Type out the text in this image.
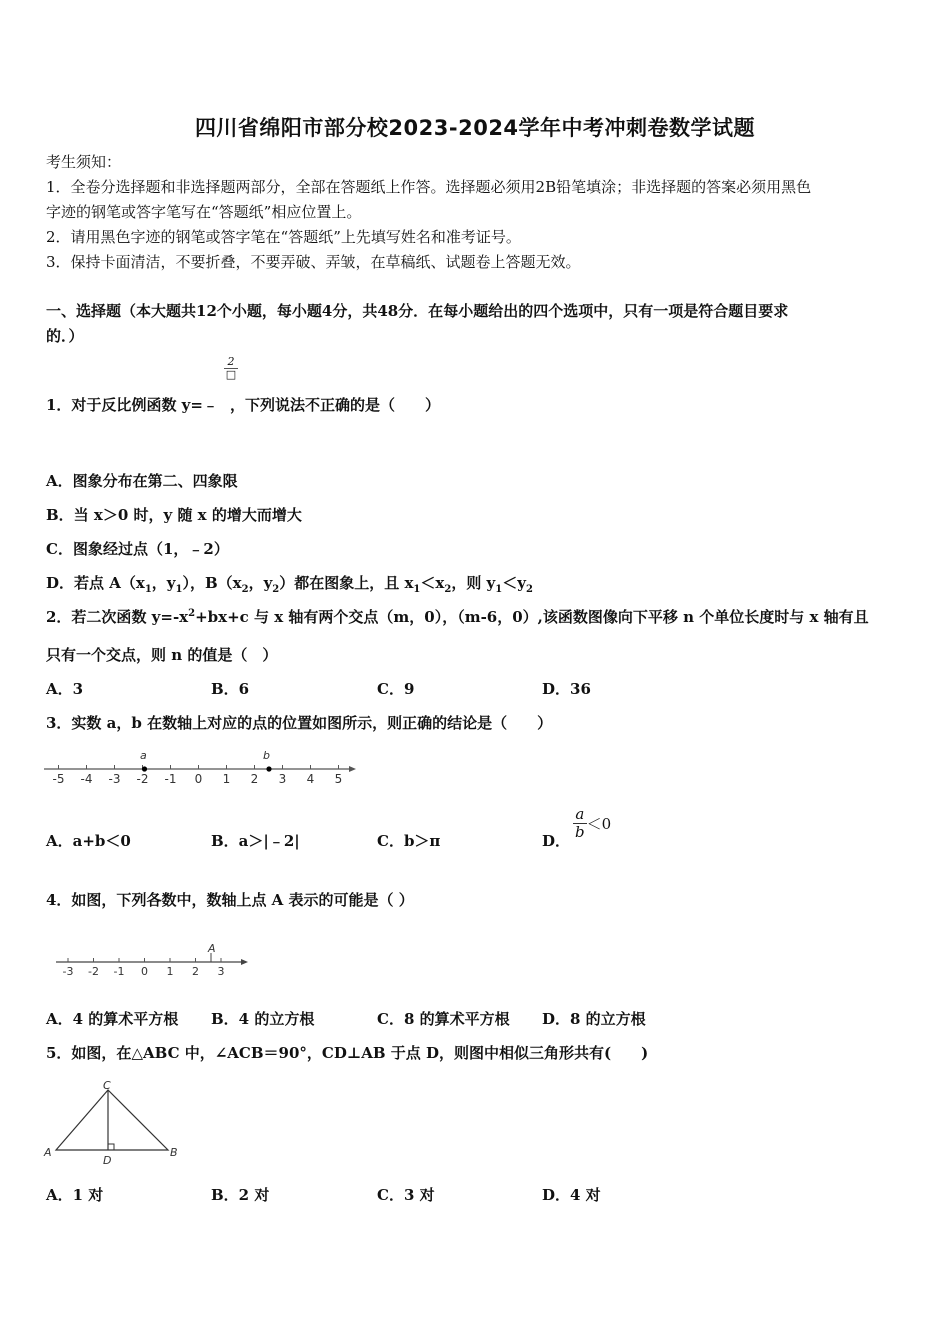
四川省绵阳市部分校2023-2024学年中考冲刺卷数学试题
考生须知：
1．全卷分选择题和非选择题两部分，全部在答题纸上作答。选择题必须用2B铅笔填涂；非选择题的答案必须用黑色
字迹的钢笔或答字笔写在“答题纸”相应位置上。
2．请用黑色字迹的钢笔或答字笔在“答题纸”上先填写姓名和准考证号。
3．保持卡面清洁，不要折叠，不要弄破、弄皱，在草稿纸、试题卷上答题无效。
一、选择题（本大题共12个小题，每小题4分，共48分．在每小题给出的四个选项中，只有一项是符合题目要求
的．）
2
□
1．对于反比例函数 y=﹣ ，下列说法不正确的是（　　）
A．图象分布在第二、四象限
B．当 x＞0 时，y 随 x 的增大而增大
C．图象经过点（1，﹣2）
D．若点 $A(x_1$，$y_1$），$B(x_2$，$y_2$）都在图象上，且 $x_1<x_2$，则 $y_1<y_2$
2．若二次函数 $y=-x^2+bx+c$ 与 x 轴有两个交点（m，0），（m-6，0）,该函数图像向下平移 n 个单位长度时与 x 轴有且
只有一个交点，则 n 的值是（　）
A．3	B．6	C．9	D．36
3．实数 a，b 在数轴上对应的点的位置如图所示，则正确的结论是（　　）
-5 -4 -3 -2 -1 0 1 2 3 4 5
a	b
A．a+b＜0	B．a＞|﹣2|	C．b＞π	D． $\frac{a}{b} <0$
4．如图，下列各数中，数轴上点 A 表示的可能是（ ）
-3 -2 -1 0 1 2 3
A
A．4 的算术平方根 B．4 的立方根	C．8 的算术平方根 D．8 的立方根
5．如图，在△ABC 中，∠ACB＝90°，CD⊥AB 于点 D，则图中相似三角形共有(　　)
A	B
C
D
A．1 对	B．2 对	C．3 对	D．4 对
